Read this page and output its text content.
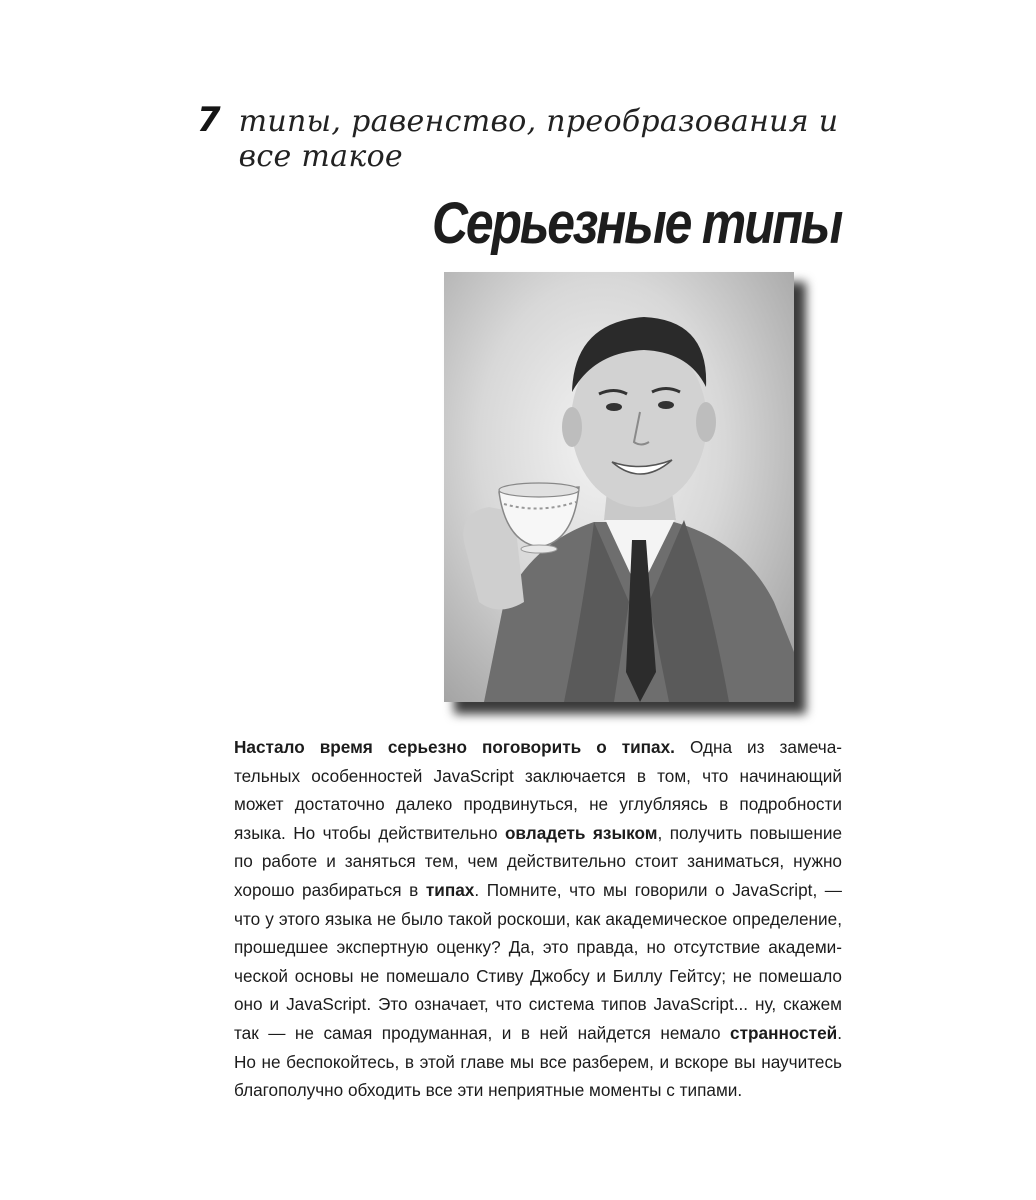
7 типы, равенство, преобразования и все такое
Серьезные типы
Настало время серьезно поговорить о типах. Одна из замеча-
тельных особенностей JavaScript заключается в том, что начинающий
может достаточно далеко продвинуться, не углубляясь в подробности
языка. Но чтобы действительно овладеть языком, получить повышение
по работе и заняться тем, чем действительно стоит заниматься, нужно
хорошо разбираться в типах. Помните, что мы говорили о JavaScript, —
что у этого языка не было такой роскоши, как академическое определение,
прошедшее экспертную оценку? Да, это правда, но отсутствие академи-
ческой основы не помешало Стиву Джобсу и Биллу Гейтсу; не помешало
оно и JavaScript. Это означает, что система типов JavaScript... ну, скажем
так — не самая продуманная, и в ней найдется немало странностей.
Но не беспокойтесь, в этой главе мы все разберем, и вскоре вы научитесь
благополучно обходить все эти неприятные моменты с типами.
